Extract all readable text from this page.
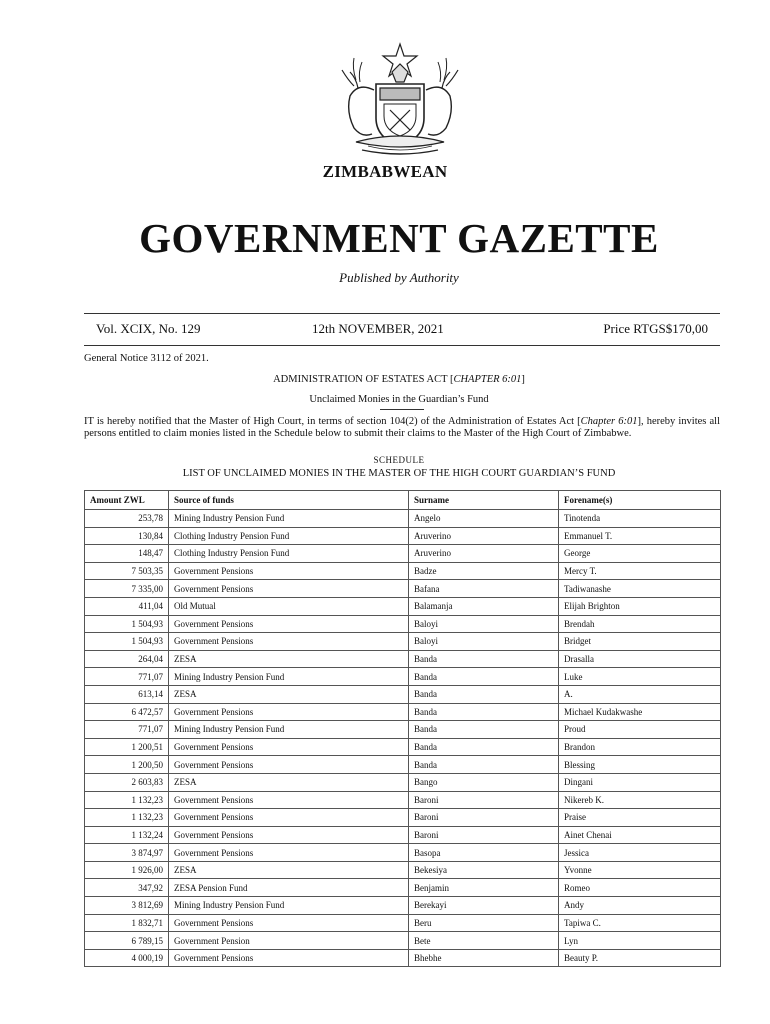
ZIMBABWEAN
GOVERNMENT GAZETTE
Published by Authority
Vol. XCIX, No. 129	12th NOVEMBER, 2021	Price RTGS$170,00
General Notice 3112 of 2021.
ADMINISTRATION OF ESTATES ACT [CHAPTER 6:01]
Unclaimed Monies in the Guardian’s Fund
IT is hereby notified that the Master of High Court, in terms of section 104(2) of the Administration of Estates Act [Chapter 6:01], hereby invites all persons entitled to claim monies listed in the Schedule below to submit their claims to the Master of the High Court of Zimbabwe.
SCHEDULE
LIST OF UNCLAIMED MONIES IN THE MASTER OF THE HIGH COURT GUARDIAN’S FUND
Amount ZWL	Source of funds	Surname	Forename(s)
253,78	Mining Industry Pension Fund	Angelo	Tinotenda
130,84	Clothing Industry Pension Fund	Aruverino	Emmanuel T.
148,47	Clothing Industry Pension Fund	Aruverino	George
7 503,35	Government Pensions	Badze	Mercy T.
7 335,00	Government Pensions	Bafana	Tadiwanashe
411,04	Old Mutual	Balamanja	Elijah Brighton
1 504,93	Government Pensions	Baloyi	Brendah
1 504,93	Government Pensions	Baloyi	Bridget
264,04	ZESA	Banda	Drasalla
771,07	Mining Industry Pension Fund	Banda	Luke
613,14	ZESA	Banda	A.
6 472,57	Government Pensions	Banda	Michael Kudakwashe
771,07	Mining Industry Pension Fund	Banda	Proud
1 200,51	Government Pensions	Banda	Brandon
1 200,50	Government Pensions	Banda	Blessing
2 603,83	ZESA	Bango	Dingani
1 132,23	Government Pensions	Baroni	Nikereb K.
1 132,23	Government Pensions	Baroni	Praise
1 132,24	Government Pensions	Baroni	Ainet Chenai
3 874,97	Government Pensions	Basopa	Jessica
1 926,00	ZESA	Bekesiya	Yvonne
347,92	ZESA Pension Fund	Benjamin	Romeo
3 812,69	Mining Industry Pension Fund	Berekayi	Andy
1 832,71	Government Pensions	Beru	Tapiwa C.
6 789,15	Government Pension	Bete	Lyn
4 000,19	Government Pensions	Bhebhe	Beauty P.
